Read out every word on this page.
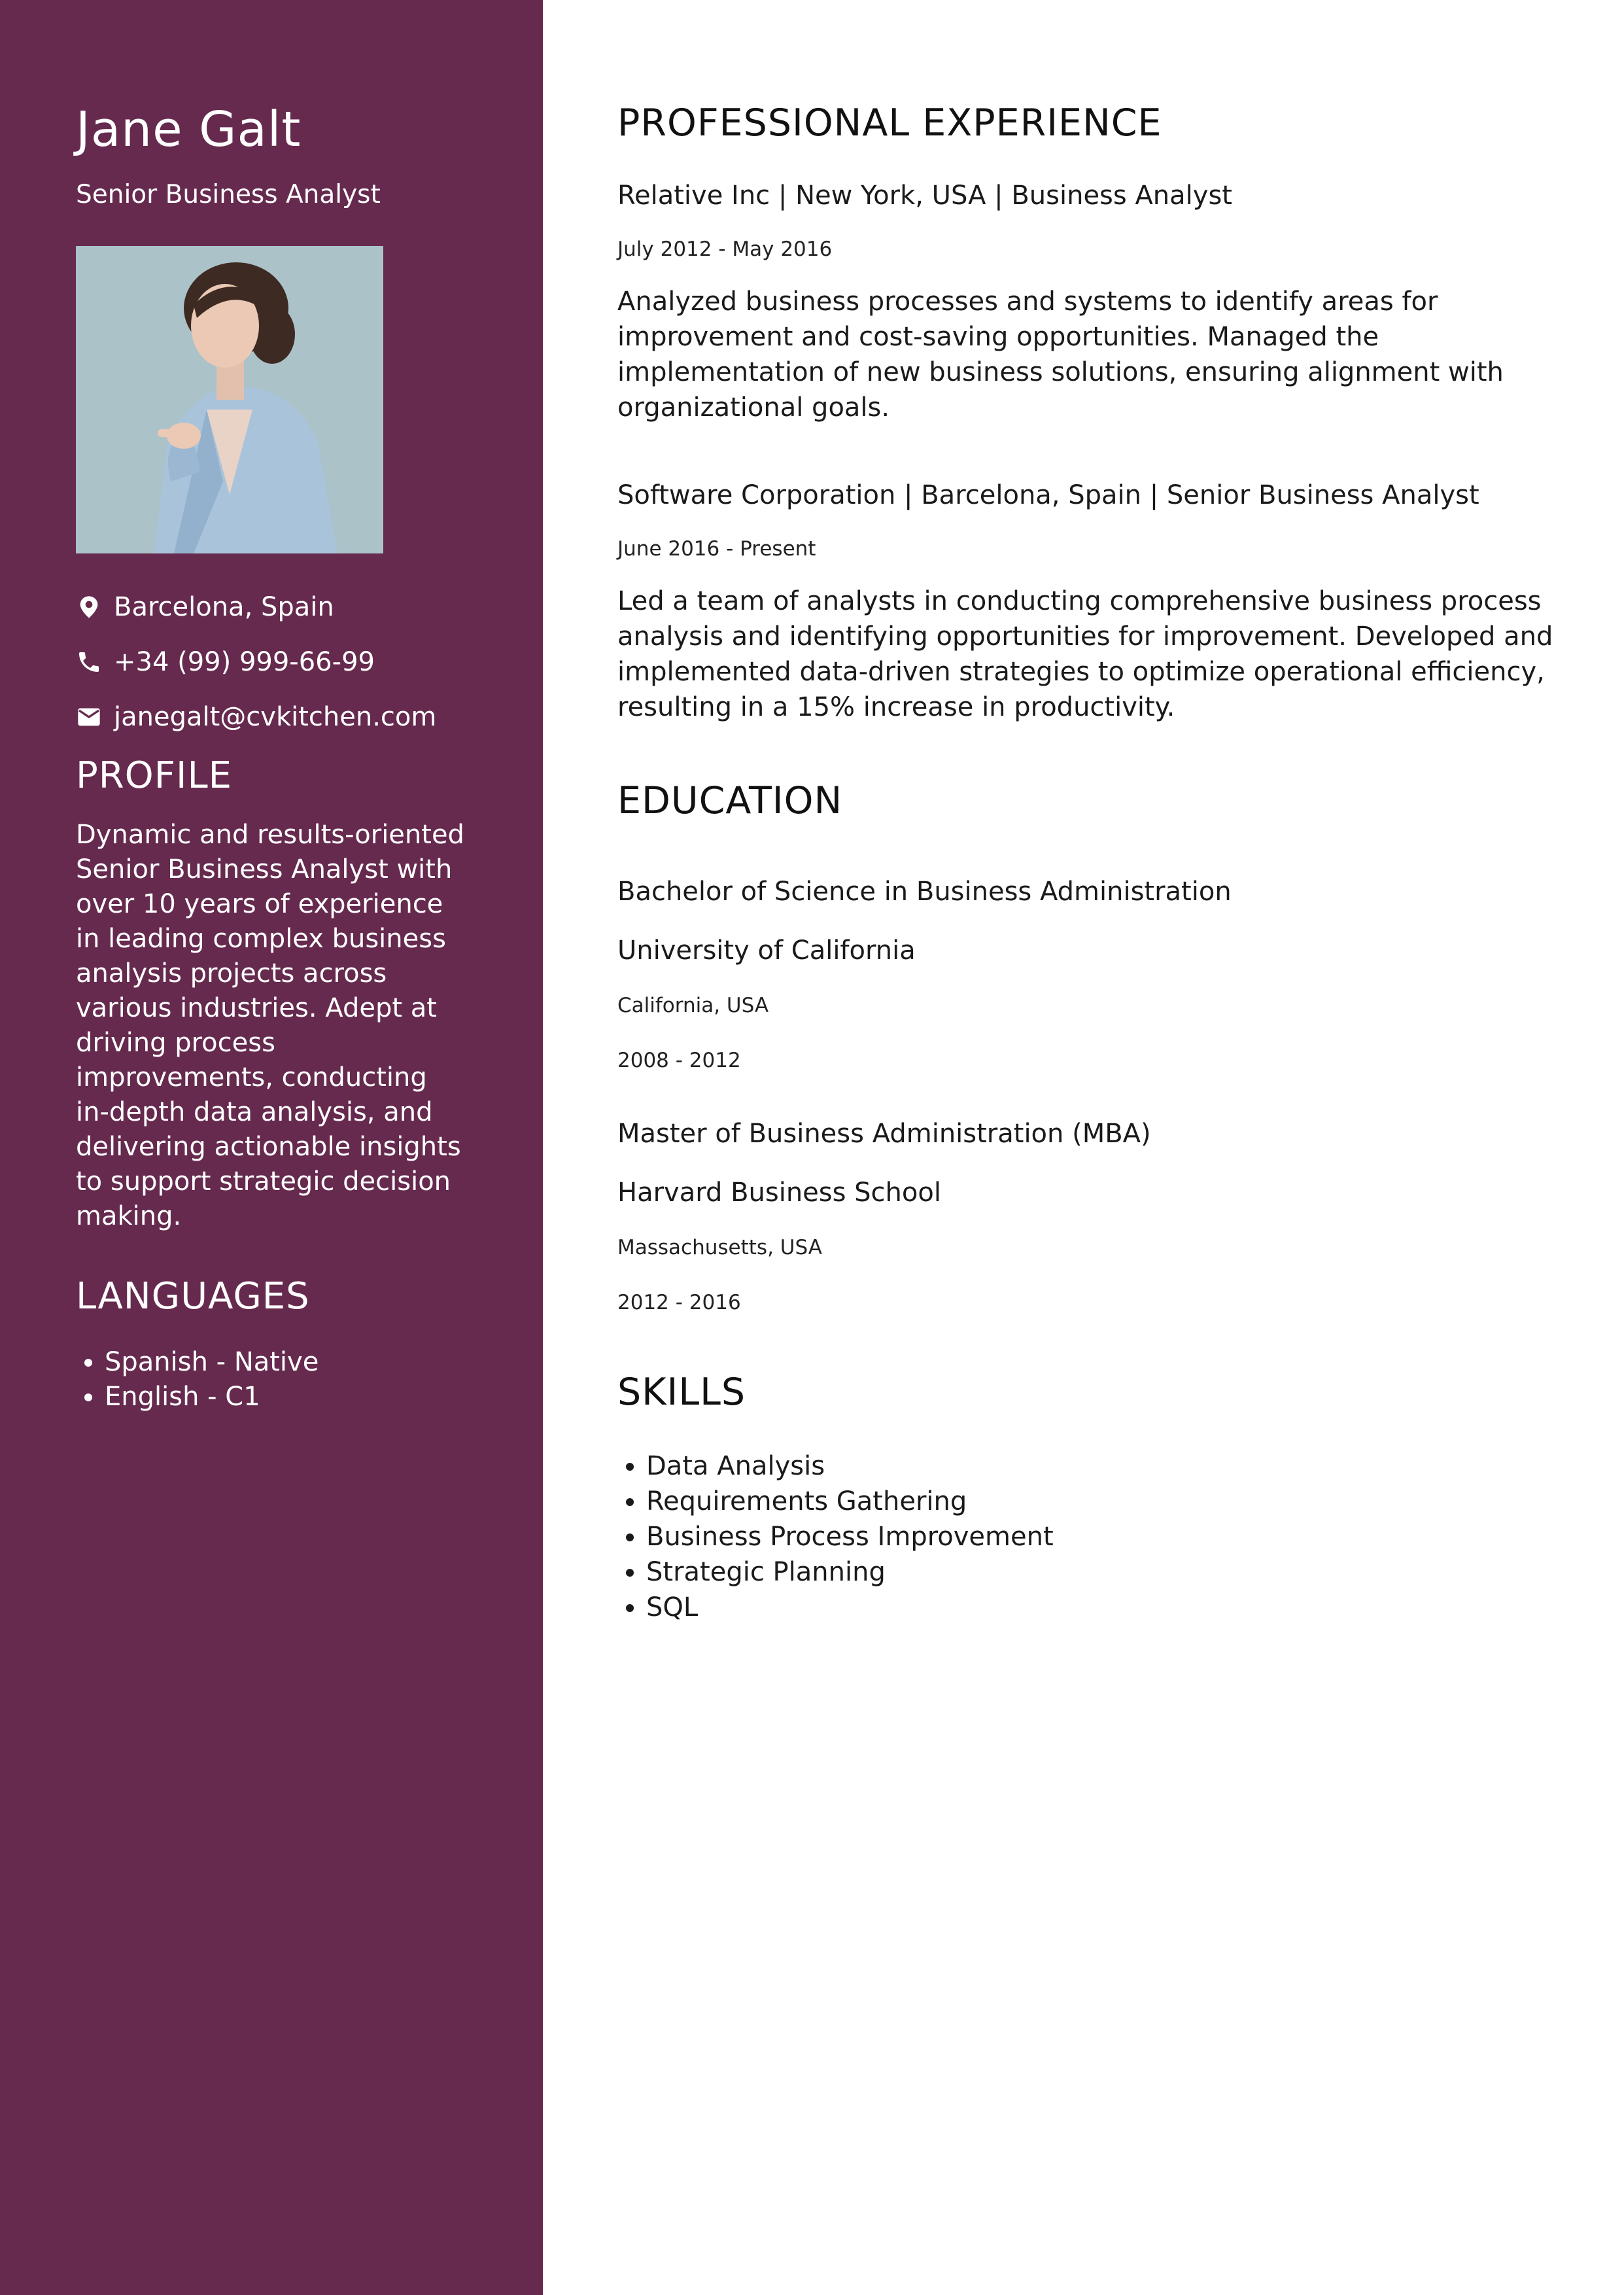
Jane Galt
Senior Business Analyst
Barcelona, Spain
+34 (99) 999-66-99
janegalt@cvkitchen.com
PROFILE
Dynamic and results-oriented Senior Business Analyst with over 10 years of experience in leading complex business analysis projects across various industries. Adept at driving process improvements, conducting in-depth data analysis, and delivering actionable insights to support strategic decision making.
LANGUAGES
• Spanish - Native
• English - C1
PROFESSIONAL EXPERIENCE
Relative Inc | New York, USA | Business Analyst
July 2012 - May 2016
Analyzed business processes and systems to identify areas for improvement and cost-saving opportunities. Managed the implementation of new business solutions, ensuring alignment with organizational goals.
Software Corporation | Barcelona, Spain | Senior Business Analyst
June 2016 - Present
Led a team of analysts in conducting comprehensive business process analysis and identifying opportunities for improvement. Developed and implemented data-driven strategies to optimize operational efficiency, resulting in a 15% increase in productivity.
EDUCATION
Bachelor of Science in Business Administration
University of California
California, USA
2008 - 2012
Master of Business Administration (MBA)
Harvard Business School
Massachusetts, USA
2012 - 2016
SKILLS
• Data Analysis
• Requirements Gathering
• Business Process Improvement
• Strategic Planning
• SQL
